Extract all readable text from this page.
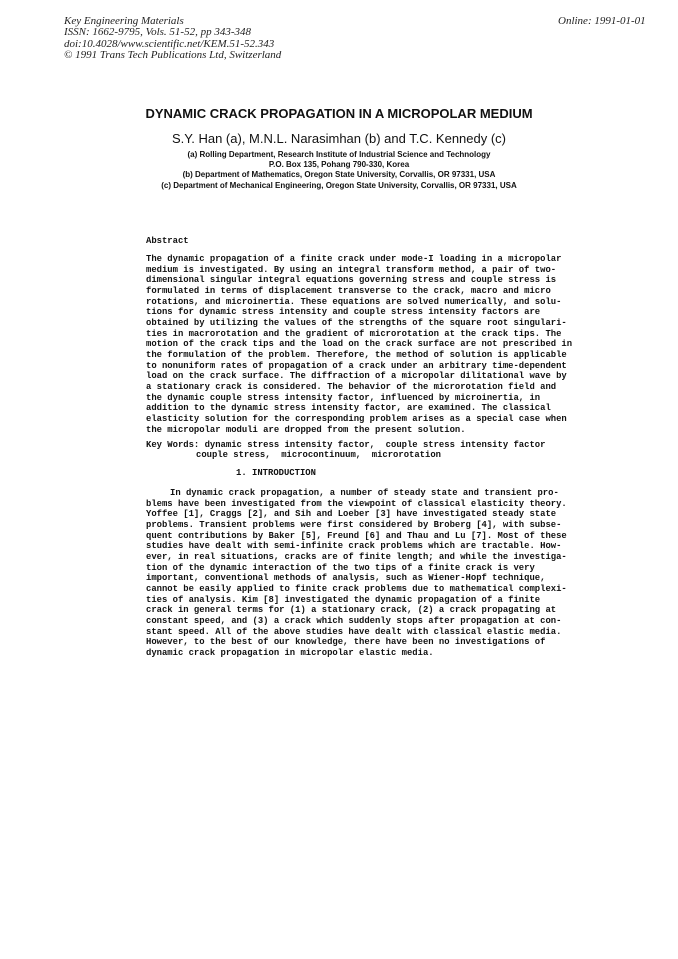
Key Engineering Materials
ISSN: 1662-9795, Vols. 51-52, pp 343-348
doi:10.4028/www.scientific.net/KEM.51-52.343
© 1991 Trans Tech Publications Ltd, Switzerland
Online: 1991-01-01
DYNAMIC CRACK PROPAGATION IN A MICROPOLAR MEDIUM
S.Y. Han (a), M.N.L. Narasimhan (b) and T.C. Kennedy (c)
(a) Rolling Department, Research Institute of Industrial Science and Technology
P.O. Box 135, Pohang 790-330, Korea
(b) Department of Mathematics, Oregon State University, Corvallis, OR 97331, USA
(c) Department of Mechanical Engineering, Oregon State University, Corvallis, OR 97331, USA
Abstract
The dynamic propagation of a finite crack under mode-I loading in a micropolar
medium is investigated. By using an integral transform method, a pair of two-
dimensional singular integral equations governing stress and couple stress is
formulated in terms of displacement transverse to the crack, macro and micro
rotations, and microinertia. These equations are solved numerically, and solu-
tions for dynamic stress intensity and couple stress intensity factors are
obtained by utilizing the values of the strengths of the square root singulari-
ties in macrorotation and the gradient of microrotation at the crack tips. The
motion of the crack tips and the load on the crack surface are not prescribed in
the formulation of the problem. Therefore, the method of solution is applicable
to nonuniform rates of propagation of a crack under an arbitrary time-dependent
load on the crack surface. The diffraction of a micropolar dilitational wave by
a stationary crack is considered. The behavior of the microrotation field and
the dynamic couple stress intensity factor, influenced by microinertia, in
addition to the dynamic stress intensity factor, are examined. The classical
elasticity solution for the corresponding problem arises as a special case when
the micropolar moduli are dropped from the present solution.
Key Words: dynamic stress intensity factor,  couple stress intensity factor
couple stress,  microcontinuum,  microrotation
1. INTRODUCTION
In dynamic crack propagation, a number of steady state and transient pro-
blems have been investigated from the viewpoint of classical elasticity theory.
Yoffee [1], Craggs [2], and Sih and Loeber [3] have investigated steady state
problems. Transient problems were first considered by Broberg [4], with subse-
quent contributions by Baker [5], Freund [6] and Thau and Lu [7]. Most of these
studies have dealt with semi-infinite crack problems which are tractable. How-
ever, in real situations, cracks are of finite length; and while the investiga-
tion of the dynamic interaction of the two tips of a finite crack is very
important, conventional methods of analysis, such as Wiener-Hopf technique,
cannot be easily applied to finite crack problems due to mathematical complexi-
ties of analysis. Kim [8] investigated the dynamic propagation of a finite
crack in general terms for (1) a stationary crack, (2) a crack propagating at
constant speed, and (3) a crack which suddenly stops after propagation at con-
stant speed. All of the above studies have dealt with classical elastic media.
However, to the best of our knowledge, there have been no investigations of
dynamic crack propagation in micropolar elastic media.
